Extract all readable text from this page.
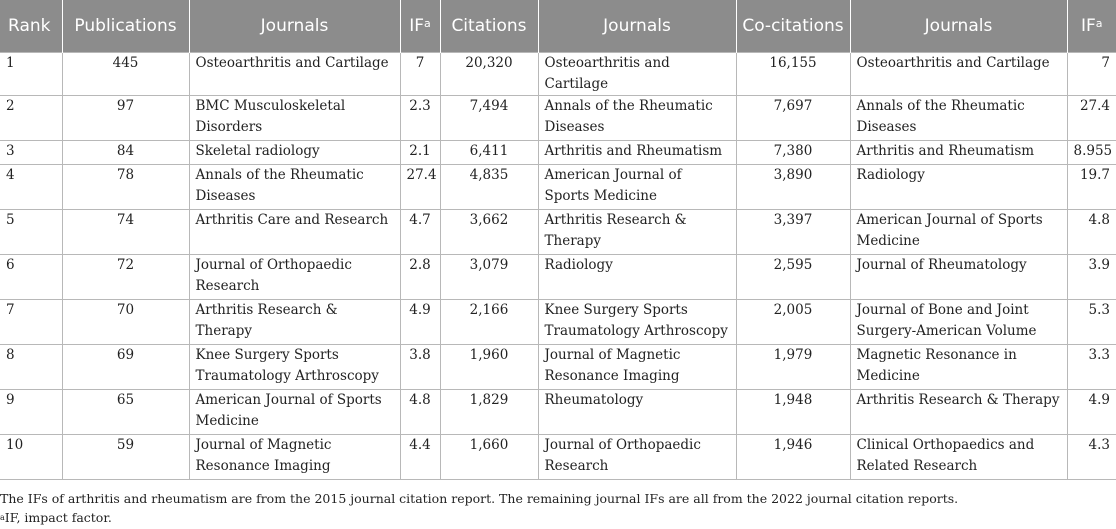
Rank	Publications	Journals	$IF^a$	Citations	Journals	Co-citations	Journals	$IF^a$
1	445	Osteoarthritis and Cartilage	7	20,320	Osteoarthritis and Cartilage	16,155	Osteoarthritis and Cartilage	7
2	97	BMC Musculoskeletal Disorders	2.3	7,494	Annals of the Rheumatic Diseases	7,697	Annals of the Rheumatic Diseases	27.4
3	84	Skeletal radiology	2.1	6,411	Arthritis and Rheumatism	7,380	Arthritis and Rheumatism	8.955
4	78	Annals of the Rheumatic Diseases	27.4	4,835	American Journal of Sports Medicine	3,890	Radiology	19.7
5	74	Arthritis Care and Research	4.7	3,662	Arthritis Research & Therapy	3,397	American Journal of Sports Medicine	4.8
6	72	Journal of Orthopaedic Research	2.8	3,079	Radiology	2,595	Journal of Rheumatology	3.9
7	70	Arthritis Research & Therapy	4.9	2,166	Knee Surgery Sports Traumatology Arthroscopy	2,005	Journal of Bone and Joint Surgery-American Volume	5.3
8	69	Knee Surgery Sports Traumatology Arthroscopy	3.8	1,960	Journal of Magnetic Resonance Imaging	1,979	Magnetic Resonance in Medicine	3.3
9	65	American Journal of Sports Medicine	4.8	1,829	Rheumatology	1,948	Arthritis Research & Therapy	4.9
10	59	Journal of Magnetic Resonance Imaging	4.4	1,660	Journal of Orthopaedic Research	1,946	Clinical Orthopaedics and Related Research	4.3
The IFs of arthritis and rheumatism are from the 2015 journal citation report. The remaining journal IFs are all from the 2022 journal citation reports.
$^a$IF, impact factor.
